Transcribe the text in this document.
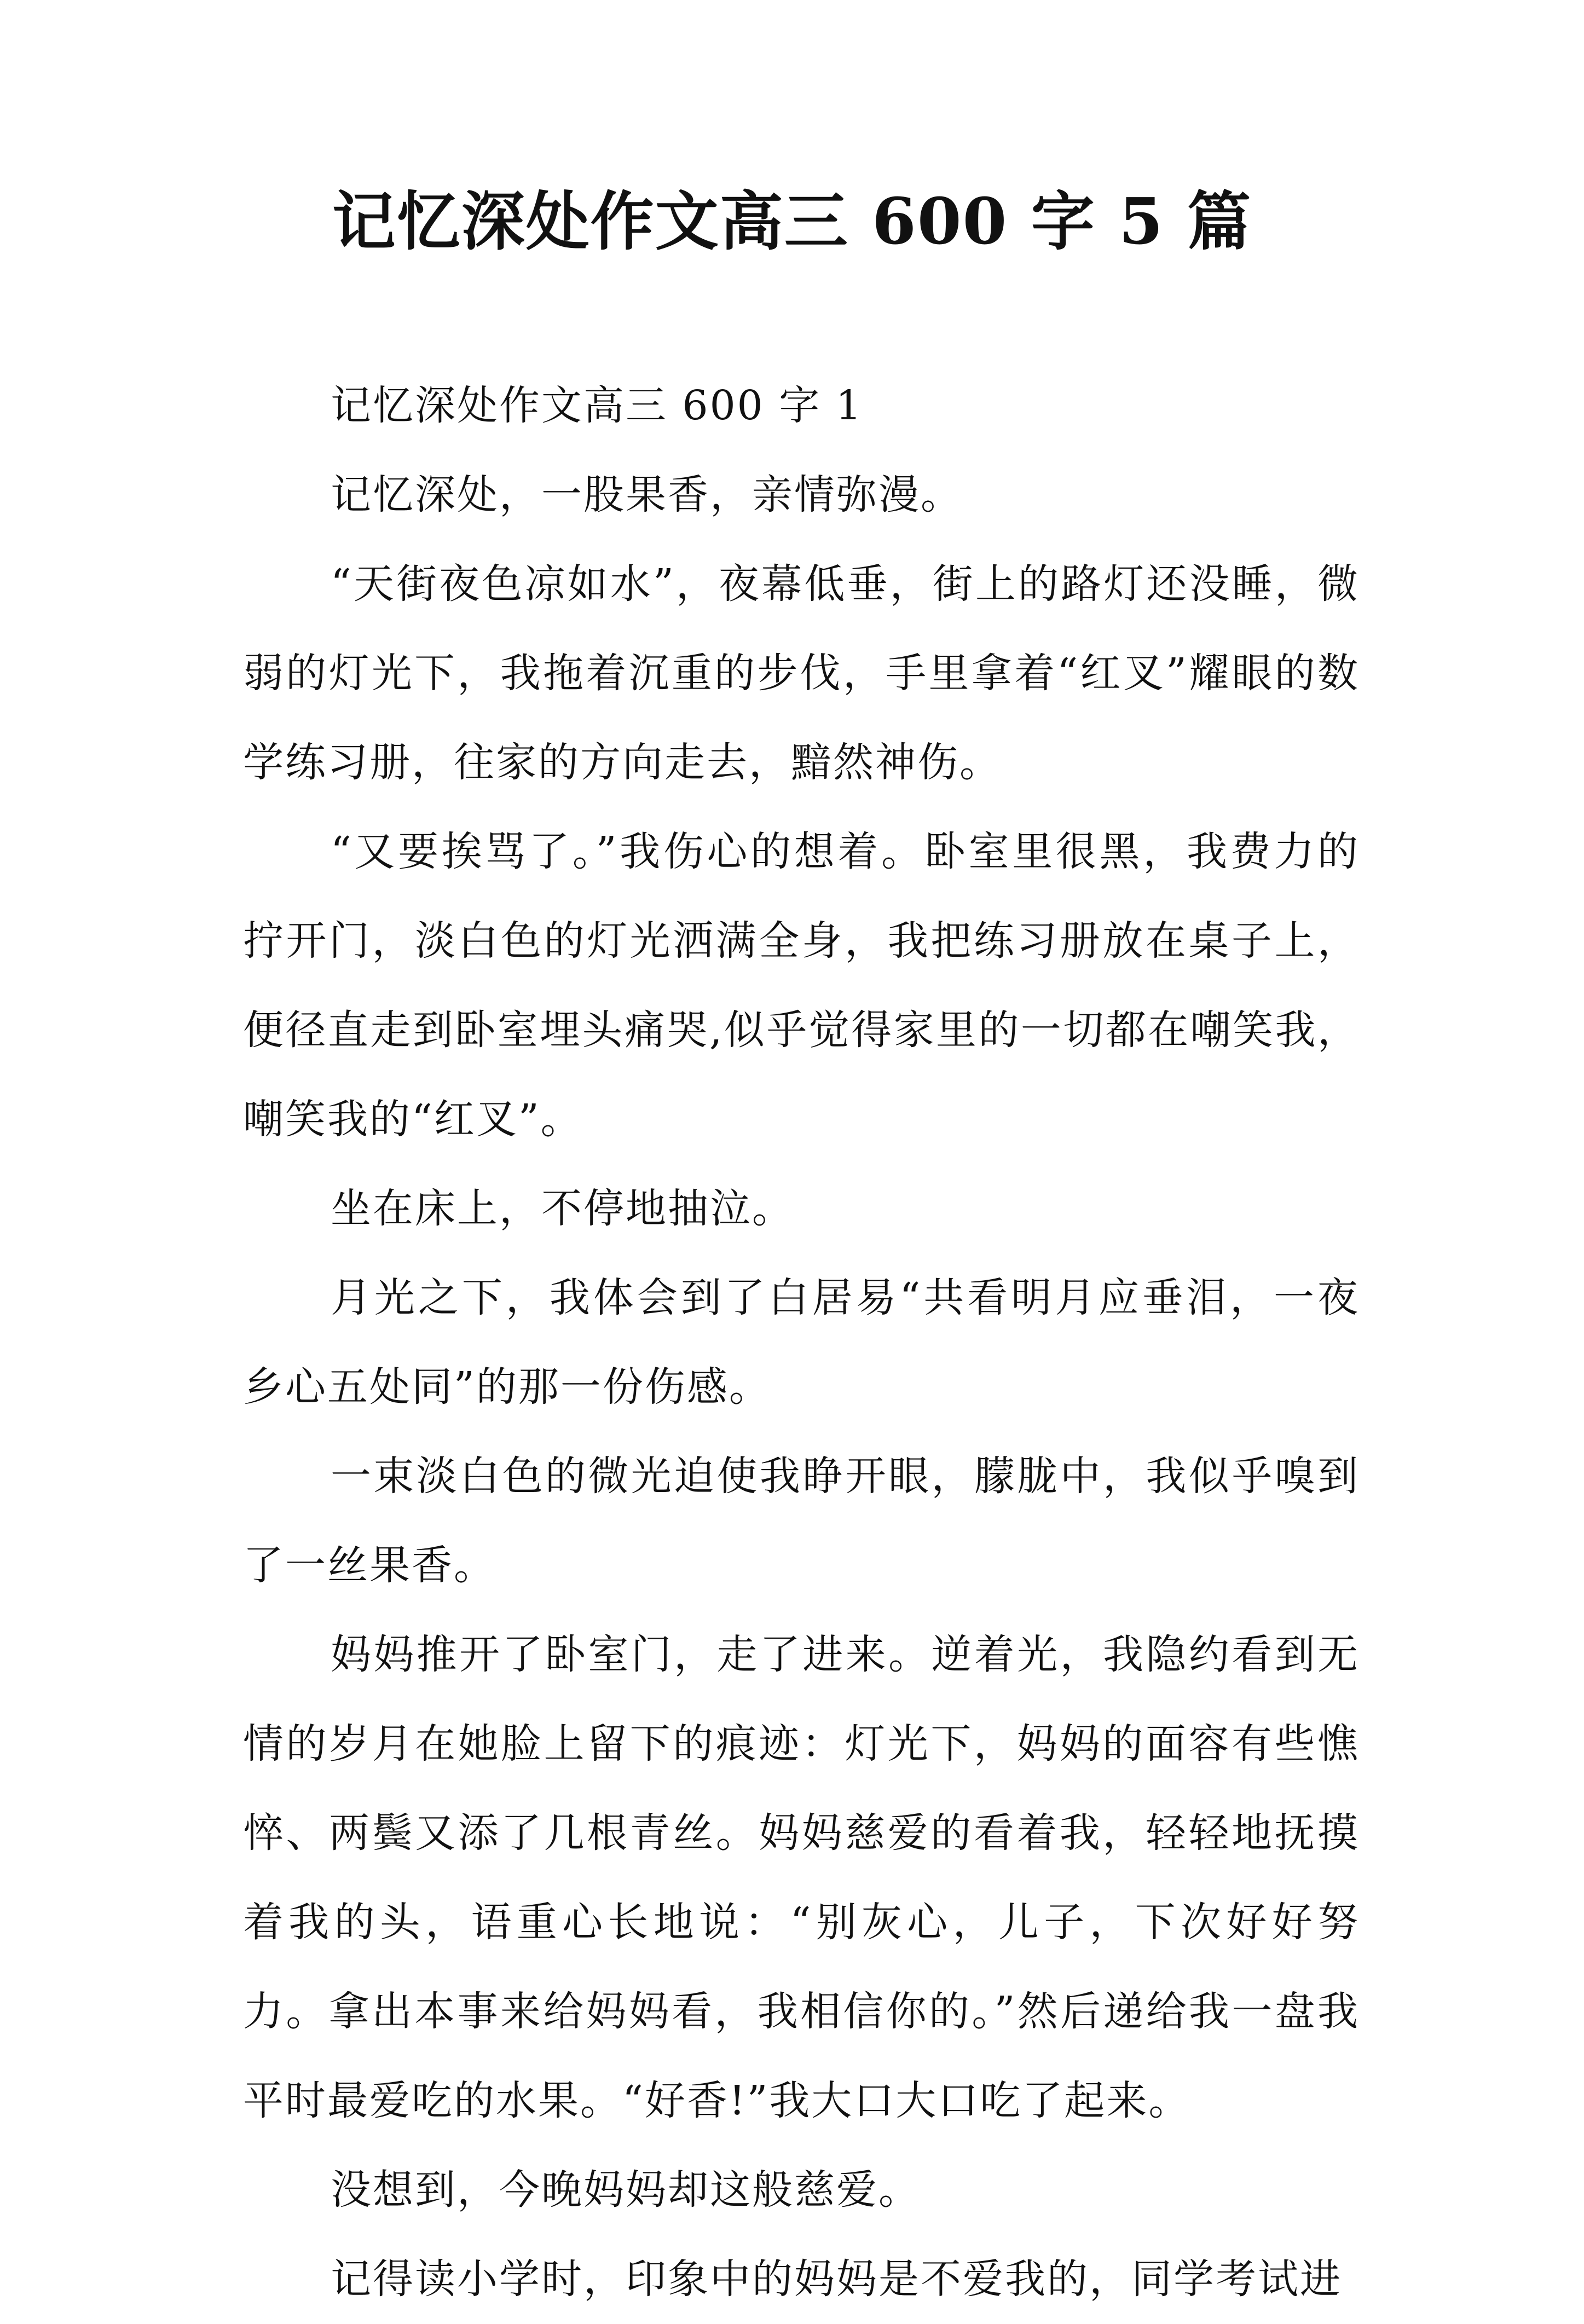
记忆深处作文高三 600 字 5 篇

记忆深处作文高三 600 字 1

记忆深处，一股果香，亲情弥漫。

“天街夜色凉如水”，夜幕低垂，街上的路灯还没睡，微弱的灯光下，我拖着沉重的步伐，手里拿着“红叉”耀眼的数学练习册，往家的方向走去，黯然神伤。

“又要挨骂了。”我伤心的想着。卧室里很黑，我费力的拧开门，淡白色的灯光洒满全身，我把练习册放在桌子上，便径直走到卧室埋头痛哭,似乎觉得家里的一切都在嘲笑我，嘲笑我的“红叉”。

坐在床上，不停地抽泣。

月光之下，我体会到了白居易“共看明月应垂泪，一夜乡心五处同”的那一份伤感。

一束淡白色的微光迫使我睁开眼，朦胧中，我似乎嗅到了一丝果香。

妈妈推开了卧室门，走了进来。逆着光，我隐约看到无情的岁月在她脸上留下的痕迹：灯光下，妈妈的面容有些憔悴、两鬓又添了几根青丝。妈妈慈爱的看着我，轻轻地抚摸着我的头，语重心长地说：“别灰心，儿子，下次好好努力。拿出本事来给妈妈看，我相信你的。”然后递给我一盘我平时最爱吃的水果。“好香!”我大口大口吃了起来。

没想到，今晚妈妈却这般慈爱。

记得读小学时，印象中的妈妈是不爱我的，同学考试进
